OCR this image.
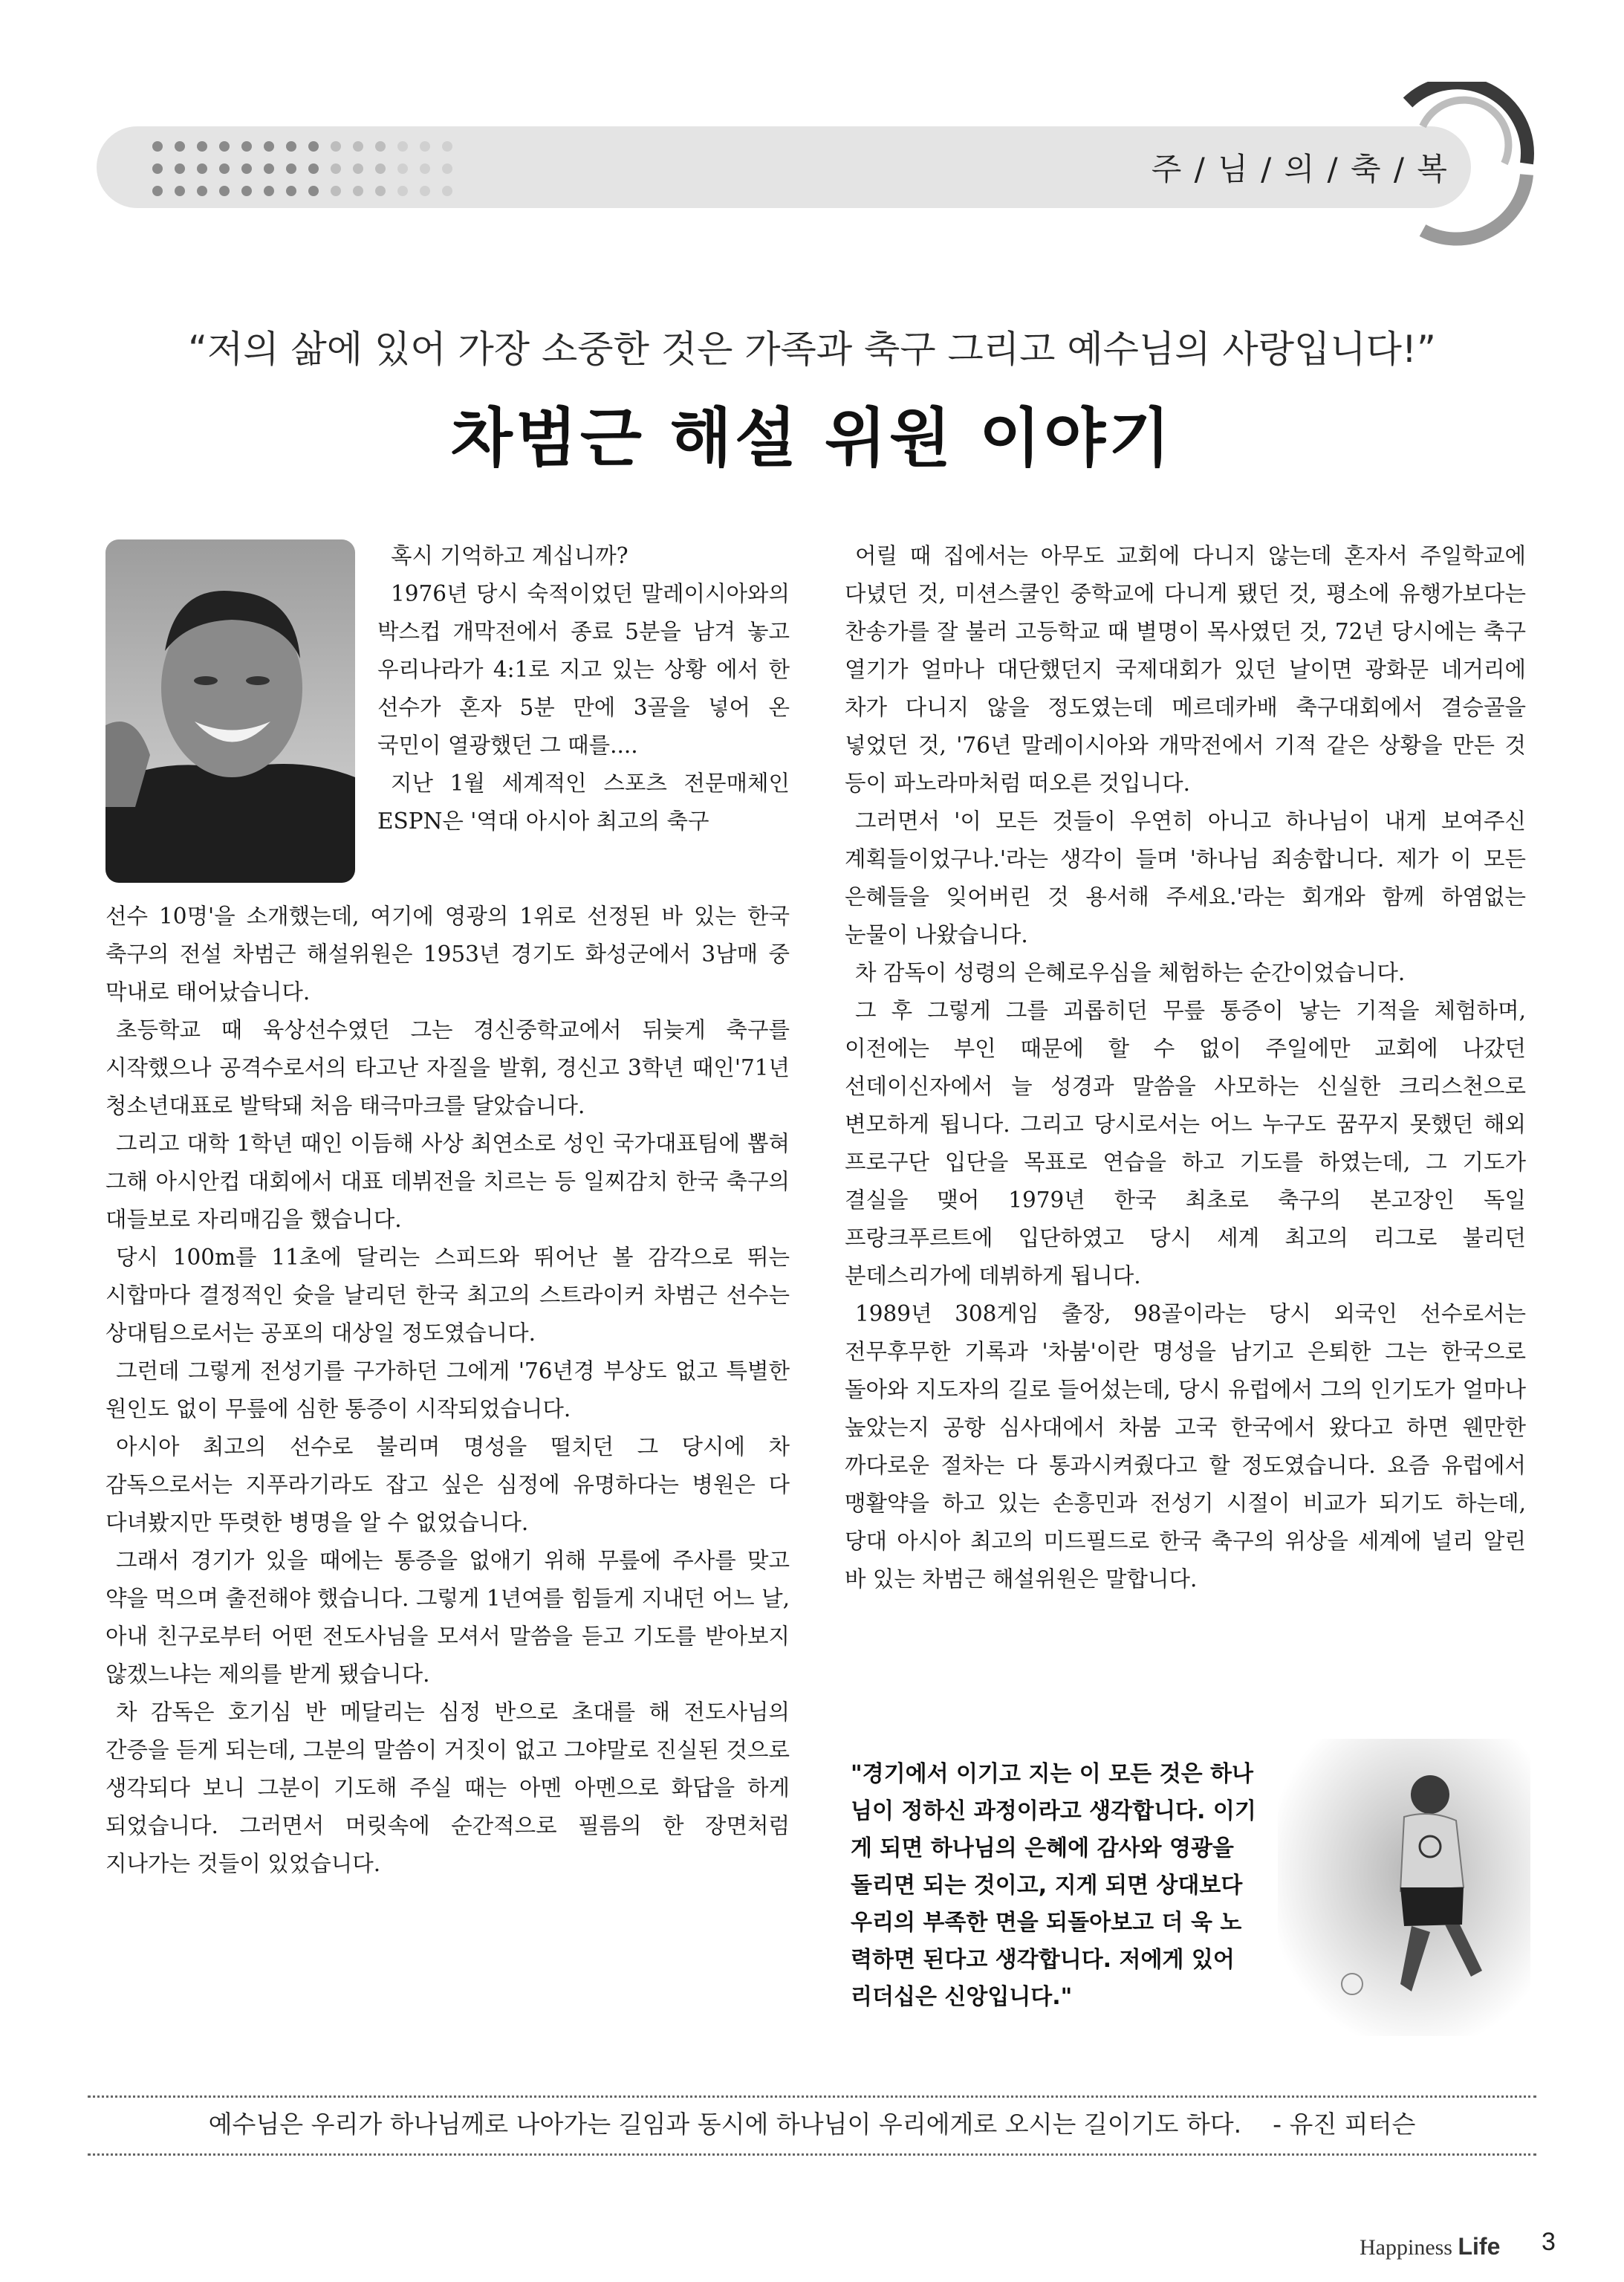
주 / 님 / 의 / 축 / 복
“저의 삶에 있어 가장 소중한 것은 가족과 축구 그리고 예수님의 사랑입니다!”
차범근 해설 위원 이야기

혹시 기억하고 계십니까?

1976년 당시 숙적이었던 말레이시아와의 박스컵 개막전에서 종료 5분을 남겨 놓고 우리나라가 4:1로 지고 있는 상황 에서 한 선수가 혼자 5분 만에 3골을 넣어 온 국민이 열광했던 그 때를....

지난 1월 세계적인 스포츠 전문매체인 ESPN은 '역대 아시아 최고의 축구

선수 10명'을 소개했는데, 여기에 영광의 1위로 선정된 바 있는 한국 축구의 전설 차범근 해설위원은 1953년 경기도 화성군에서 3남매 중 막내로 태어났습니다.

초등학교 때 육상선수였던 그는 경신중학교에서 뒤늦게 축구를 시작했으나 공격수로서의 타고난 자질을 발휘, 경신고 3학년 때인'71년 청소년대표로 발탁돼 처음 태극마크를 달았습니다.

그리고 대학 1학년 때인 이듬해 사상 최연소로 성인 국가대표팀에 뽑혀 그해 아시안컵 대회에서 대표 데뷔전을 치르는 등 일찌감치 한국 축구의 대들보로 자리매김을 했습니다.

당시 100m를 11초에 달리는 스피드와 뛰어난 볼 감각으로 뛰는 시합마다 결정적인 슛을 날리던 한국 최고의 스트라이커 차범근 선수는 상대팀으로서는 공포의 대상일 정도였습니다.

그런데 그렇게 전성기를 구가하던 그에게 '76년경 부상도 없고 특별한 원인도 없이 무릎에 심한 통증이 시작되었습니다.

아시아 최고의 선수로 불리며 명성을 떨치던 그 당시에 차 감독으로서는 지푸라기라도 잡고 싶은 심정에 유명하다는 병원은 다 다녀봤지만 뚜렷한 병명을 알 수 없었습니다.

그래서 경기가 있을 때에는 통증을 없애기 위해 무릎에 주사를 맞고 약을 먹으며 출전해야 했습니다. 그렇게 1년여를 힘들게 지내던 어느 날, 아내 친구로부터 어떤 전도사님을 모셔서 말씀을 듣고 기도를 받아보지 않겠느냐는 제의를 받게 됐습니다.

차 감독은 호기심 반 메달리는 심정 반으로 초대를 해 전도사님의 간증을 듣게 되는데, 그분의 말씀이 거짓이 없고 그야말로 진실된 것으로 생각되다 보니 그분이 기도해 주실 때는 아멘 아멘으로 화답을 하게 되었습니다. 그러면서 머릿속에 순간적으로 필름의 한 장면처럼 지나가는 것들이 있었습니다.

어릴 때 집에서는 아무도 교회에 다니지 않는데 혼자서 주일학교에 다녔던 것, 미션스쿨인 중학교에 다니게 됐던 것, 평소에 유행가보다는 찬송가를 잘 불러 고등학교 때 별명이 목사였던 것, 72년 당시에는 축구 열기가 얼마나 대단했던지 국제대회가 있던 날이면 광화문 네거리에 차가 다니지 않을 정도였는데 메르데카배 축구대회에서 결승골을 넣었던 것, '76년 말레이시아와 개막전에서 기적 같은 상황을 만든 것 등이 파노라마처럼 떠오른 것입니다.

그러면서 '이 모든 것들이 우연히 아니고 하나님이 내게 보여주신 계획들이었구나.'라는 생각이 들며 '하나님 죄송합니다. 제가 이 모든 은혜들을 잊어버린 것 용서해 주세요.'라는 회개와 함께 하염없는 눈물이 나왔습니다.

차 감독이 성령의 은혜로우심을 체험하는 순간이었습니다.

그 후 그렇게 그를 괴롭히던 무릎 통증이 낳는 기적을 체험하며, 이전에는 부인 때문에 할 수 없이 주일에만 교회에 나갔던 선데이신자에서 늘 성경과 말씀을 사모하는 신실한 크리스천으로 변모하게 됩니다. 그리고 당시로서는 어느 누구도 꿈꾸지 못했던 해외 프로구단 입단을 목표로 연습을 하고 기도를 하였는데, 그 기도가 결실을 맺어 1979년 한국 최초로 축구의 본고장인 독일 프랑크푸르트에 입단하였고 당시 세계 최고의 리그로 불리던 분데스리가에 데뷔하게 됩니다.

1989년 308게임 출장, 98골이라는 당시 외국인 선수로서는 전무후무한 기록과 '차붐'이란 명성을 남기고 은퇴한 그는 한국으로 돌아와 지도자의 길로 들어섰는데, 당시 유럽에서 그의 인기도가 얼마나 높았는지 공항 심사대에서 차붐 고국 한국에서 왔다고 하면 웬만한 까다로운 절차는 다 통과시켜줬다고 할 정도였습니다. 요즘 유럽에서 맹활약을 하고 있는 손흥민과 전성기 시절이 비교가 되기도 하는데, 당대 아시아 최고의 미드필드로 한국 축구의 위상을 세계에 널리 알린 바 있는 차범근 해설위원은 말합니다.

"경기에서 이기고 지는 이 모든 것은 하나님이 정하신 과정이라고 생각합니다. 이기게 되면 하나님의 은혜에 감사와 영광을 돌리면 되는 것이고, 지게 되면 상대보다 우리의 부족한 면을 되돌아보고 더 욱 노력하면 된다고 생각합니다. 저에게 있어 리더십은 신앙입니다."
예수님은 우리가 하나님께로 나아가는 길임과 동시에 하나님이 우리에게로 오시는 길이기도 하다.    - 유진 피터슨
Happiness Life 3
